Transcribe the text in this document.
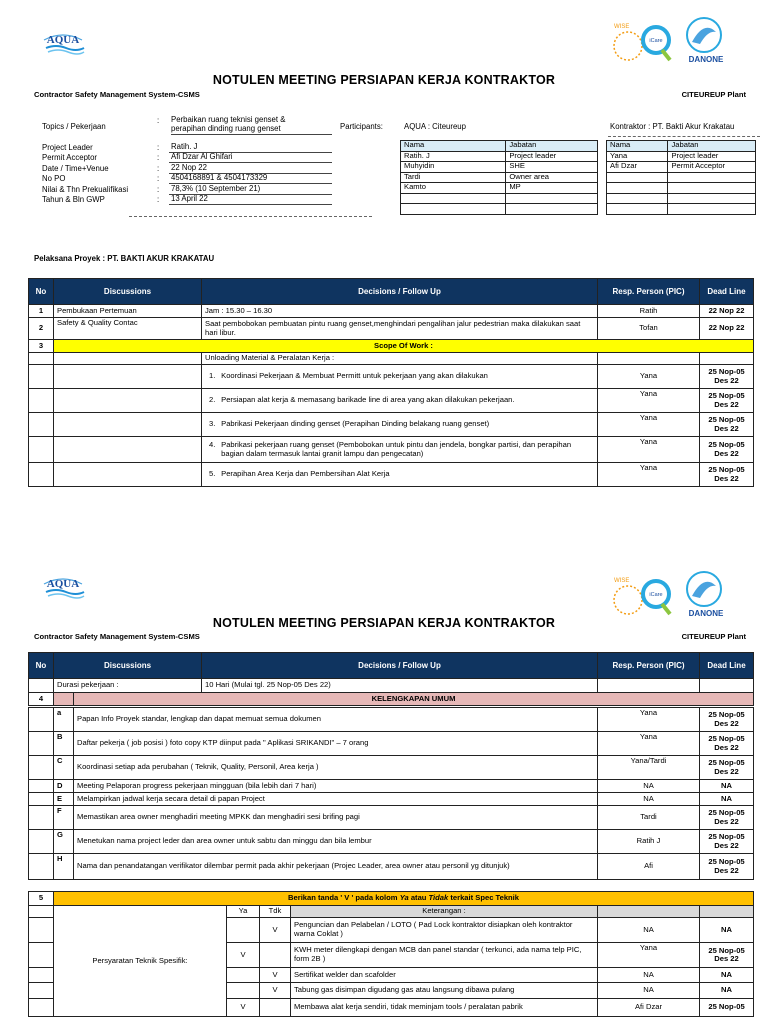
AQUA
WISE
iCare
DANONE
NOTULEN MEETING PERSIAPAN KERJA KONTRAKTOR
Contractor Safety Management System-CSMS	CITEUREUP Plant
Topics / Pekerjaan
:	Perbaikan ruang teknisi genset &
perapihan dinding ruang genset
Project Leader	:	Ratih. J
Permit Acceptor	:	Afi Dzar Al Ghifari
Date / Time+Venue	:	22 Nop 22
No PO	:	4504168891 & 4504173329
Nilai & Thn Prekualifikasi	:	78,3% (10 September 21)
Tahun & Bln GWP	:	13 April 22
Participants:	AQUA : Citeureup	Kontraktor : PT. Bakti Akur Krakatau
Nama	Jabatan
Ratih. J	Project leader
Muhyidin	SHE
Tardi	Owner area
Kamto	MP

Nama	Jabatan
Yana	Project leader
Afi Dzar	Permit Acceptor

Pelaksana Proyek : PT. BAKTI AKUR KRAKATAU
No	Discussions	Decisions / Follow Up	Resp. Person (PIC)	Dead Line
1	Pembukaan Pertemuan	Jam : 15.30 – 16.30	Ratih	22 Nop 22
2	Safety & Quality Contac	Saat pembobokan pembuatan pintu ruang genset,menghindari pengalihan jalur pedestrian maka dilakukan saat hari libur.	Tofan	22 Nop 22
3	Scope Of Work :			
		Unloading Material & Peralatan Kerja :		
		1. Koordinasi Pekerjaan & Membuat Permitt untuk pekerjaan yang akan dilakukan	Yana	25 Nop-05
Des 22

		2. Persiapan alat kerja & memasang barikade line di area yang akan dilakukan pekerjaan.	Yana	25 Nop-05
Des 22

		3. Pabrikasi Pekerjaan dinding genset (Perapihan Dinding belakang ruang genset)	Yana	25 Nop-05
Des 22

		4. Pabrikasi pekerjaan ruang genset (Pembobokan untuk pintu dan jendela, bongkar partisi, dan perapihan bagian dalam termasuk lantai granit lampu dan pengecatan)	Yana	25 Nop-05
Des 22

		5. Perapihan Area Kerja dan Pembersihan Alat Kerja	Yana	25 Nop-05
Des 22
AQUA	WISE
iCare
DANONE
NOTULEN MEETING PERSIAPAN KERJA KONTRAKTOR
Contractor Safety Management System-CSMS	CITEUREUP Plant
No	Discussions		Decisions / Follow Up	Resp. Person (PIC)	Dead Line
	Durasi pekerjaan :		10 Hari (Mulai tgl. 25 Nop-05 Des 22)		
4		KELENGKAPAN UMUM			
	a	Papan Info Proyek standar, lengkap dan dapat memuat semua dokumen	Yana	25 Nop-05
Des 22

	B	Daftar pekerja ( job posisi ) foto copy KTP diinput pada " Aplikasi SRIKANDI" – 7 orang	Yana	25 Nop-05
Des 22

	C	Koordinasi setiap ada perubahan ( Teknik, Quality, Personil, Area kerja )	Yana/Tardi	25 Nop-05
Des 22

	D	Meeting Pelaporan progress pekerjaan mingguan (bila lebih dari 7 hari)	NA	NA
	E	Melampirkan jadwal kerja secara detail di papan Project	NA	NA
	F	Memastikan area owner menghadiri meeting MPKK dan menghadiri sesi brifing pagi	Tardi	25 Nop-05
Des 22

	G	Menetukan nama project leder dan area owner untuk sabtu dan minggu dan bila lembur	Ratih J	25 Nop-05
Des 22

	H	Nama dan penandatangan verifikator dilembar permit pada akhir pekerjaan (Projec Leader, area owner atau personil yg ditunjuk)	Afi	25 Nop-05
Des 22
5	Berikan tanda ' V ' pada kolom Ya atau Tidak terkait Spec Teknik					
	Persyaratan Teknik Spesifik:	Ya	Tdk	Keterangan :		
			V	Penguncian dan Pelabelan / LOTO ( Pad Lock kontraktor disiapkan oleh kontraktor warna Coklat )	NA	NA
		V		KWH meter dilengkapi dengan MCB dan panel standar ( terkunci, ada nama telp PIC, form 2B )	Yana	25 Nop-05
Des 22

			V	Sertifikat welder dan scafolder	NA	NA
			V	Tabung gas disimpan digudang gas atau langsung dibawa pulang	NA	NA
		V		Membawa alat kerja sendiri, tidak meminjam tools / peralatan pabrik	Afi Dzar	25 Nop-05
